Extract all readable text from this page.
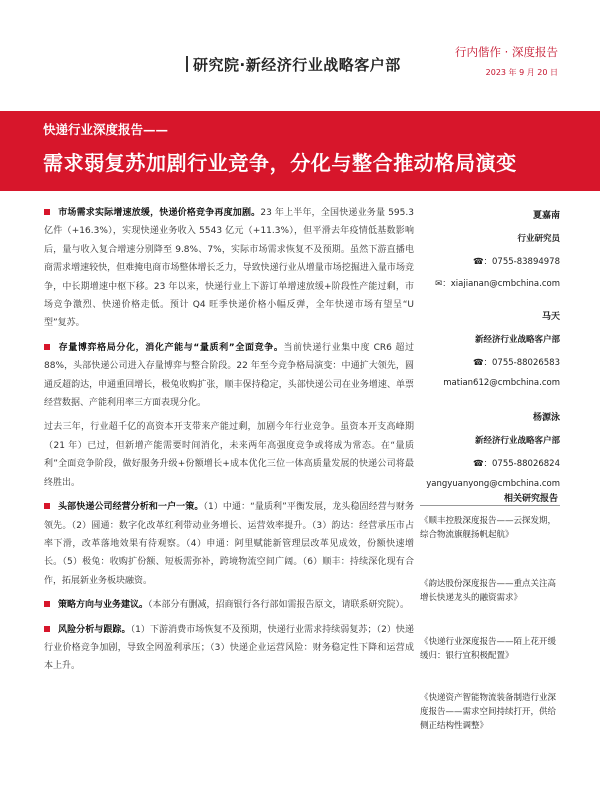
研究院·新经济行业战略客户部
行内偕作 · 深度报告
2023 年 9 月 20 日
快递行业深度报告——
需求弱复苏加剧行业竞争，分化与整合推动格局演变

市场需求实际增速放缓，快递价格竞争再度加剧。23 年上半年，全国快递业务量 595.3 亿件（+16.3%），实现快递业务收入 5543 亿元（+11.3%），但平滑去年疫情低基数影响后，量与收入复合增速分别降至 9.8%、7%，实际市场需求恢复不及预期。虽然下游直播电商需求增速较快，但难掩电商市场整体增长乏力，导致快递行业从增量市场挖掘进入量市场竞争，中长期增速中枢下移。23 年以来，快递行业上下游订单增速放缓+阶段性产能过剩，市场竞争激烈、快递价格走低。预计 Q4 旺季快递价格小幅反弹，全年快递市场有望呈“U 型”复苏。

存量博弈格局分化，消化产能与“量质利”全面竞争。当前快递行业集中度 CR6 超过 88%，头部快递公司进入存量博弈与整合阶段。22 年至今竞争格局演变：中通扩大领先，圆通反超韵达，申通重回增长，极兔收购扩张，顺丰保持稳定，头部快递公司在业务增速、单票经营数据、产能利用率三方面表现分化。

过去三年，行业超千亿的高资本开支带来产能过剩，加剧今年行业竞争。虽资本开支高峰期（21 年）已过，但新增产能需要时间消化，未来两年高强度竞争或将成为常态。在“量质利”全面竞争阶段，做好服务升级+份额增长+成本优化三位一体高质量发展的快递公司将最终胜出。

头部快递公司经营分析和一户一策。（1）中通：“量质利”平衡发展，龙头稳固经营与财务领先。（2）圆通：数字化改革红利带动业务增长、运营效率提升。（3）韵达：经营承压市占率下滑，改革落地效果有待观察。（4）申通：阿里赋能新管理层改革见成效，份额快速增长。（5）极兔：收购扩份额、短板需弥补，跨境物流空间广阔。（6）顺丰：持续深化现有合作，拓展新业务板块融资。

策略方向与业务建议。（本部分有删减，招商银行各行部如需报告原文，请联系研究院）。

风险分析与跟踪。（1）下游消费市场恢复不及预期，快递行业需求持续弱复苏；（2）快递行业价格竞争加剧，导致全网盈利承压；（3）快递企业运营风险：财务稳定性下降和运营成本上升。

夏嘉南
行业研究员
☎：0755-83894978
✉：xiajianan@cmbchina.com
马天
新经济行业战略客户部
☎：0755-88026583
matian612@cmbchina.com
杨源泳
新经济行业战略客户部
☎：0755-88026824
yangyuanyong@cmbchina.com
相关研究报告
《顺丰控股深度报告——云探发期，综合物流旗舰扬帆起航》
《韵达股份深度报告——重点关注高增长快递龙头的融资需求》
《快递行业深度报告——陌上花开缓缓归：银行宜积极配置》
《快递资产智能物流装备制造行业深度报告——需求空间持续打开，供给侧正结构性调整》
